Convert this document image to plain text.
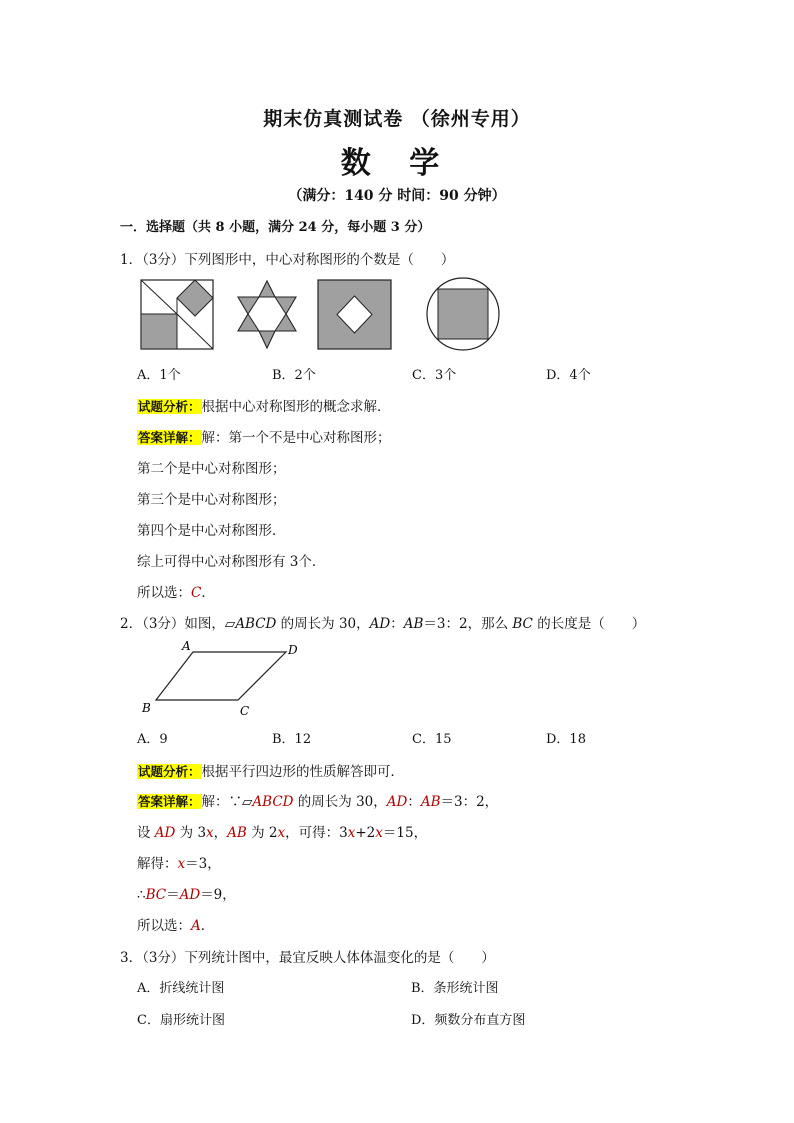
期末仿真测试卷 （徐州专用）
数 学
（满分：140 分 时间：90 分钟）
一．选择题（共 8 小题，满分 24 分，每小题 3 分）
1．（3分）下列图形中，中心对称图形的个数是（　　）
A．1个	B．2个	C．3个	D．4个
试题分析：根据中心对称图形的概念求解．
答案详解：解：第一个不是中心对称图形；
第二个是中心对称图形；
第三个是中心对称图形；
第四个是中心对称图形．
综上可得中心对称图形有 3个．
所以选：C．
2．（3分）如图，▱ABCD 的周长为 30，AD：AB＝3：2，那么 BC 的长度是（　　）
A	D
B	C
A．9	B．12	C．15	D．18
试题分析：根据平行四边形的性质解答即可．
答案详解：解：∵▱ABCD 的周长为 30，AD：AB＝3：2，
设 AD 为 3x，AB 为 2x，可得：3x+2x＝15，
解得：x＝3，
∴BC＝AD＝9，
所以选：A．
3．（3分）下列统计图中，最宜反映人体体温变化的是（　　）
A．折线统计图	B．条形统计图
C．扇形统计图	D．频数分布直方图
